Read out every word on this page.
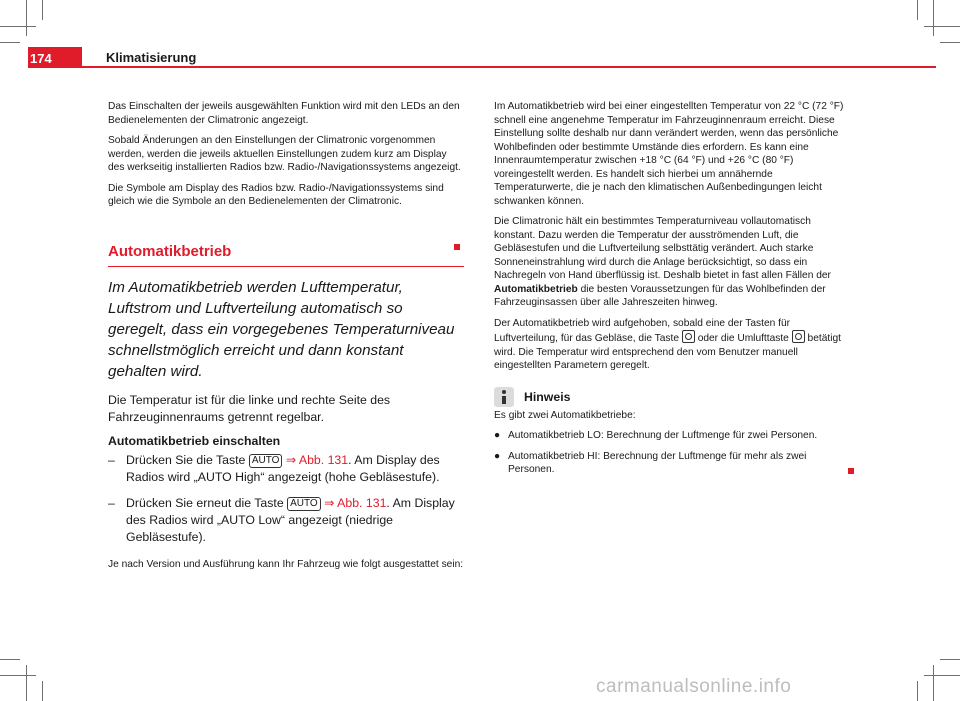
174	Klimatisierung

Das Einschalten der jeweils ausgewählten Funktion wird mit den LEDs an den Bedienelementen der Climatronic angezeigt.

Sobald Änderungen an den Einstellungen der Climatronic vorgenommen werden, werden die jeweils aktuellen Einstellungen zudem kurz am Display des werkseitig installierten Radios bzw. Radio-/Navigationssystems angezeigt.

Die Symbole am Display des Radios bzw. Radio-/Navigationssystems sind gleich wie die Symbole an den Bedienelementen der Climatronic.

Automatikbetrieb

Im Automatikbetrieb werden Lufttemperatur, Luftstrom und Luftverteilung automatisch so geregelt, dass ein vorgegebenes Temperaturniveau schnellstmöglich erreicht und dann konstant gehalten wird.

Die Temperatur ist für die linke und rechte Seite des Fahrzeuginnenraums getrennt regelbar.

Automatikbetrieb einschalten
– Drücken Sie die Taste AUTO ⇒ Abb. 131. Am Display des Radios wird „AUTO High“ angezeigt (hohe Gebläsestufe).
– Drücken Sie erneut die Taste AUTO ⇒ Abb. 131. Am Display des Radios wird „AUTO Low“ angezeigt (niedrige Gebläsestufe).

Je nach Version und Ausführung kann Ihr Fahrzeug wie folgt ausgestattet sein:

Im Automatikbetrieb wird bei einer eingestellten Temperatur von 22 °C (72 °F) schnell eine angenehme Temperatur im Fahrzeuginnenraum erreicht. Diese Einstellung sollte deshalb nur dann verändert werden, wenn das persönliche Wohlbefinden oder bestimmte Umstände dies erfordern. Es kann eine Innenraumtemperatur zwischen +18 °C (64 °F) und +26 °C (80 °F) voreingestellt werden. Es handelt sich hierbei um annähernde Temperaturwerte, die je nach den klimatischen Außenbedingungen leicht schwanken können.

Die Climatronic hält ein bestimmtes Temperaturniveau vollautomatisch konstant. Dazu werden die Temperatur der ausströmenden Luft, die Gebläsestufen und die Luftverteilung selbsttätig verändert. Auch starke Sonneneinstrahlung wird durch die Anlage berücksichtigt, so dass ein Nachregeln von Hand überflüssig ist. Deshalb bietet in fast allen Fällen der Automatikbetrieb die besten Voraussetzungen für das Wohlbefinden der Fahrzeuginsassen über alle Jahreszeiten hinweg.

Der Automatikbetrieb wird aufgehoben, sobald eine der Tasten für Luftverteilung, für das Gebläse, die Taste oder die Umlufttaste betätigt wird. Die Temperatur wird entsprechend den vom Benutzer manuell eingestellten Parametern geregelt.

Hinweis

Es gibt zwei Automatikbetriebe:

● Automatikbetrieb LO: Berechnung der Luftmenge für zwei Personen.
● Automatikbetrieb HI: Berechnung der Luftmenge für mehr als zwei Personen.
carmanualsonline.info
